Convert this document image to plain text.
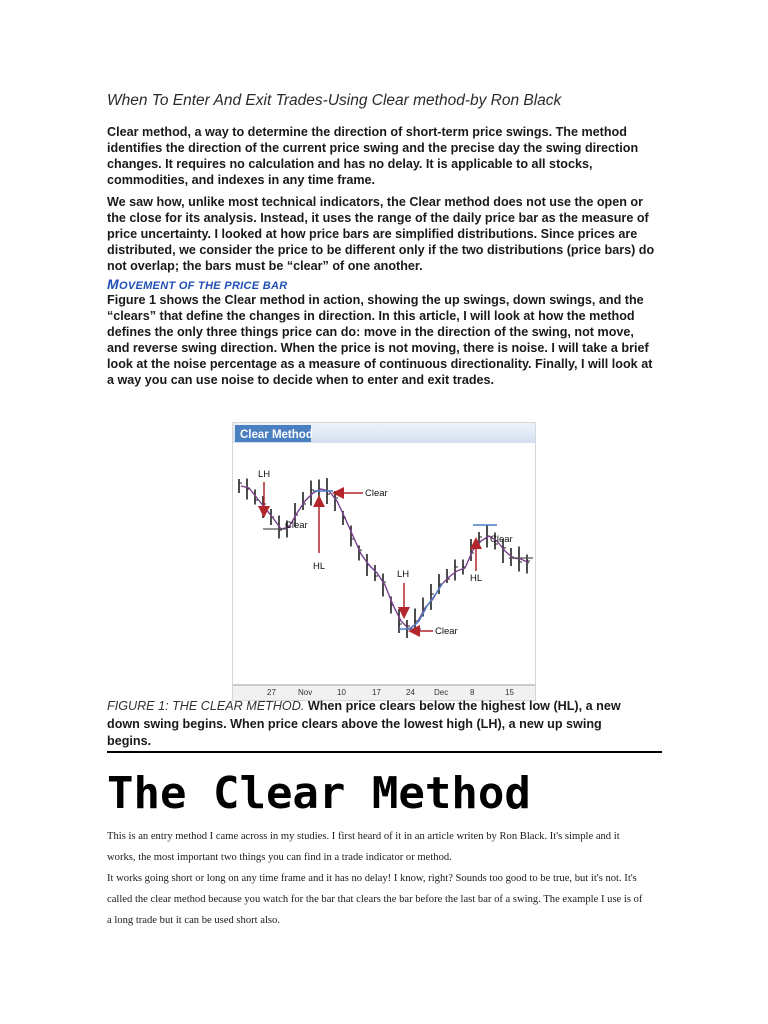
When To Enter And Exit Trades-Using Clear method-by Ron Black

Clear method, a way to determine the direction of short-term price swings. The method identifies the direction of the current price swing and the precise day the swing direction changes. It requires no calculation and has no delay. It is applicable to all stocks, commodities, and indexes in any time frame.

We saw how, unlike most technical indicators, the Clear method does not use the open or the close for its analysis. Instead, it uses the range of the daily price bar as the measure of price uncertainty. I looked at how price bars are simplified distributions. Since prices are distributed, we consider the price to be different only if the two distributions (price bars) do not overlap; the bars must be “clear” of one another.

MOVEMENT OF THE PRICE BAR

Figure 1 shows the Clear method in action, showing the up swings, down swings, and the “clears” that define the changes in direction. In this article, I will look at how the method defines the only three things price can do: move in the direction of the swing, not move, and reverse swing direction. When the price is not moving, there is noise. I will take a brief look at the noise percentage as a measure of continuous directionality. Finally, I will look at a way you can use noise to decide when to enter and exit trades.

Clear Method
LH
Clear
Clear
HL
LH
Clear
Clear
HL
27	Nov	10	17	24 Dec	8	15
FIGURE 1: THE CLEAR METHOD. When price clears below the highest low (HL), a new down swing begins. When price clears above the lowest high (LH), a new up swing begins.
The Clear Method

This is an entry method I came across in my studies. I first heard of it in an article writen by Ron Black. It's simple and it works, the most important two things you can find in a trade indicator or method.

It works going short or long on any time frame and it has no delay! I know, right? Sounds too good to be true, but it's not. It's called the clear method because you watch for the bar that clears the bar before the last bar of a swing. The example I use is of a long trade but it can be used short also.
